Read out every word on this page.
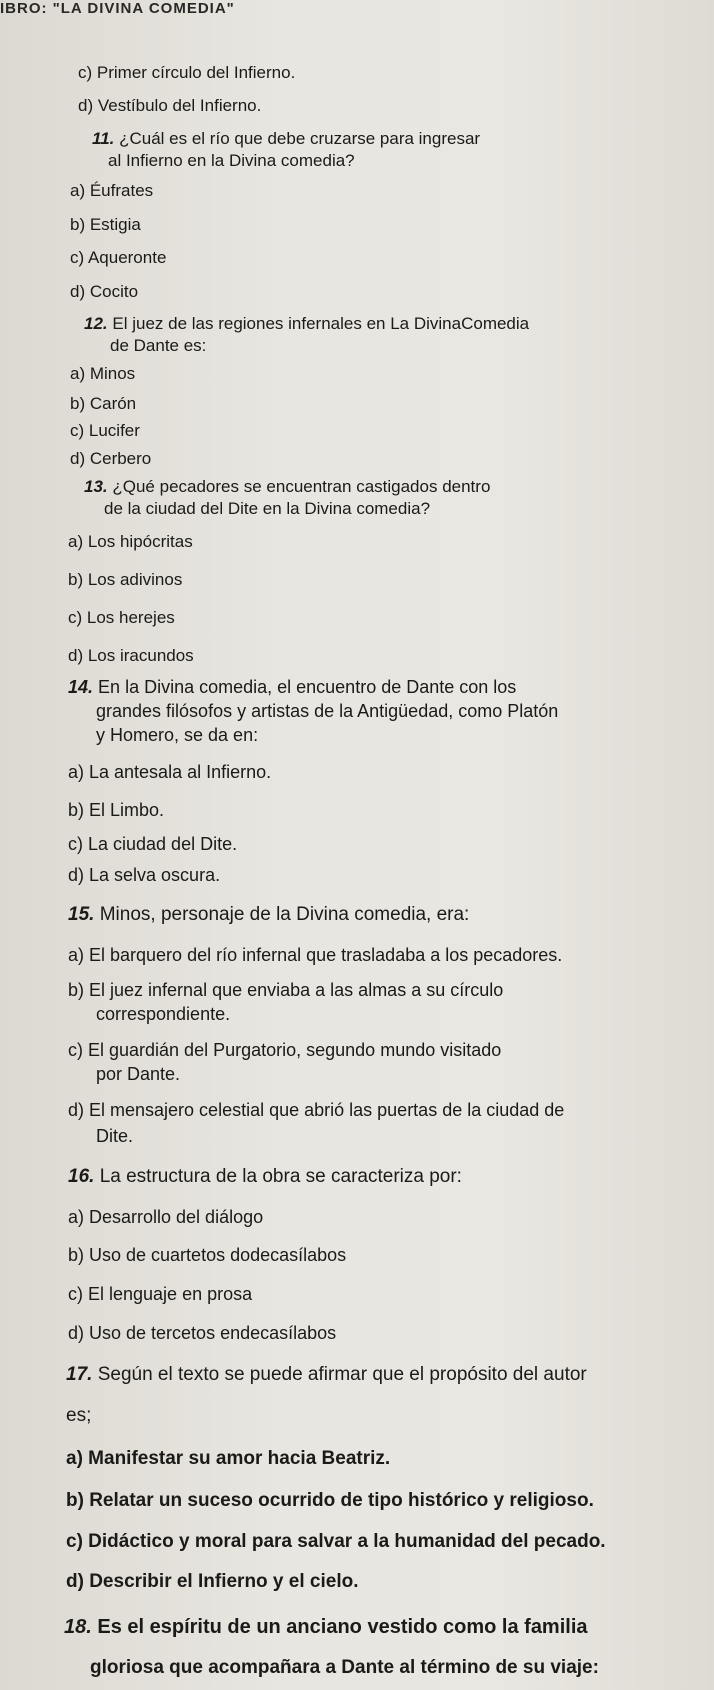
IBRO: "LA DIVINA COMEDIA"
c) Primer círculo del Infierno.
d) Vestíbulo del Infierno.
11. ¿Cuál es el río que debe cruzarse para ingresar
al Infierno en la Divina comedia?
a) Éufrates
b) Estigia
c) Aqueronte
d) Cocito
12. El juez de las regiones infernales en La DivinaComedia
de Dante es:
a) Minos
b) Carón
c) Lucifer
d) Cerbero
13. ¿Qué pecadores se encuentran castigados dentro
de la ciudad del Dite en la Divina comedia?
a) Los hipócritas
b) Los adivinos
c) Los herejes
d) Los iracundos
14. En la Divina comedia, el encuentro de Dante con los
grandes filósofos y artistas de la Antigüedad, como Platón
y Homero, se da en:
a) La antesala al Infierno.
b) El Limbo.
c) La ciudad del Dite.
d) La selva oscura.
15. Minos, personaje de la Divina comedia, era:
a) El barquero del río infernal que trasladaba a los pecadores.
b) El juez infernal que enviaba a las almas a su círculo
correspondiente.
c) El guardián del Purgatorio, segundo mundo visitado
por Dante.
d) El mensajero celestial que abrió las puertas de la ciudad de
Dite.
16. La estructura de la obra se caracteriza por:
a) Desarrollo del diálogo
b) Uso de cuartetos dodecasílabos
c) El lenguaje en prosa
d) Uso de tercetos endecasílabos
17. Según el texto se puede afirmar que el propósito del autor
es;
a) Manifestar su amor hacia Beatriz.
b) Relatar un suceso ocurrido de tipo histórico y religioso.
c) Didáctico y moral para salvar a la humanidad del pecado.
d) Describir el Infierno y el cielo.
18. Es el espíritu de un anciano vestido como la familia
gloriosa que acompañara a Dante al término de su viaje:
